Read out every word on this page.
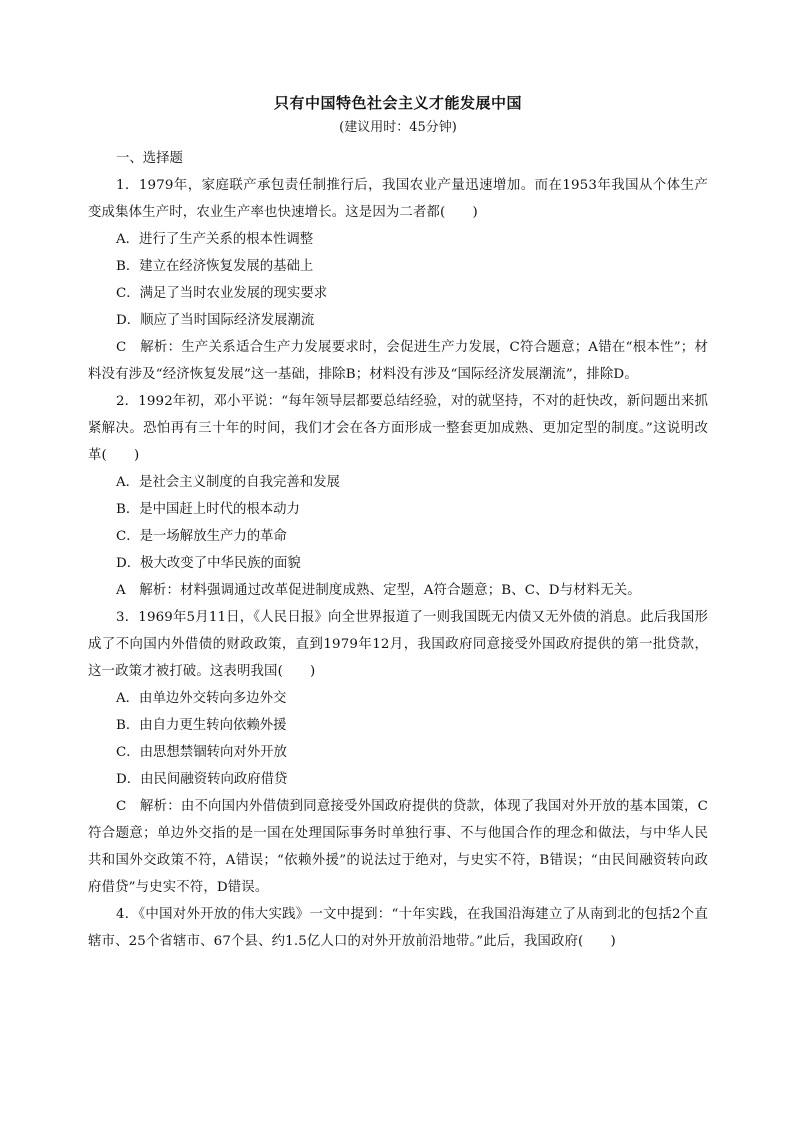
只有中国特色社会主义才能发展中国
(建议用时：45分钟)
一、选择题

1．1979年，家庭联产承包责任制推行后，我国农业产量迅速增加。而在1953年我国从个体生产变成集体生产时，农业生产率也快速增长。这是因为二者都(　　)

A．进行了生产关系的根本性调整

B．建立在经济恢复发展的基础上

C．满足了当时农业发展的现实要求

D．顺应了当时国际经济发展潮流

C　解析：生产关系适合生产力发展要求时，会促进生产力发展，C符合题意；A错在“根本性”；材料没有涉及“经济恢复发展”这一基础，排除B；材料没有涉及“国际经济发展潮流”，排除D。

2．1992年初，邓小平说：“每年领导层都要总结经验，对的就坚持，不对的赶快改，新问题出来抓紧解决。恐怕再有三十年的时间，我们才会在各方面形成一整套更加成熟、更加定型的制度。”这说明改革(　　)

A．是社会主义制度的自我完善和发展

B．是中国赶上时代的根本动力

C．是一场解放生产力的革命

D．极大改变了中华民族的面貌

A　解析：材料强调通过改革促进制度成熟、定型，A符合题意；B、C、D与材料无关。

3．1969年5月11日，《人民日报》向全世界报道了一则我国既无内债又无外债的消息。此后我国形成了不向国内外借债的财政政策，直到1979年12月，我国政府同意接受外国政府提供的第一批贷款，这一政策才被打破。这表明我国(　　)

A．由单边外交转向多边外交

B．由自力更生转向依赖外援

C．由思想禁锢转向对外开放

D．由民间融资转向政府借贷

C　解析：由不向国内外借债到同意接受外国政府提供的贷款，体现了我国对外开放的基本国策，C符合题意；单边外交指的是一国在处理国际事务时单独行事、不与他国合作的理念和做法，与中华人民共和国外交政策不符，A错误；“依赖外援”的说法过于绝对，与史实不符，B错误；“由民间融资转向政府借贷”与史实不符，D错误。

4．《中国对外开放的伟大实践》一文中提到：“十年实践，在我国沿海建立了从南到北的包括2个直辖市、25个省辖市、67个县、约1.5亿人口的对外开放前沿地带。”此后，我国政府(　　)
